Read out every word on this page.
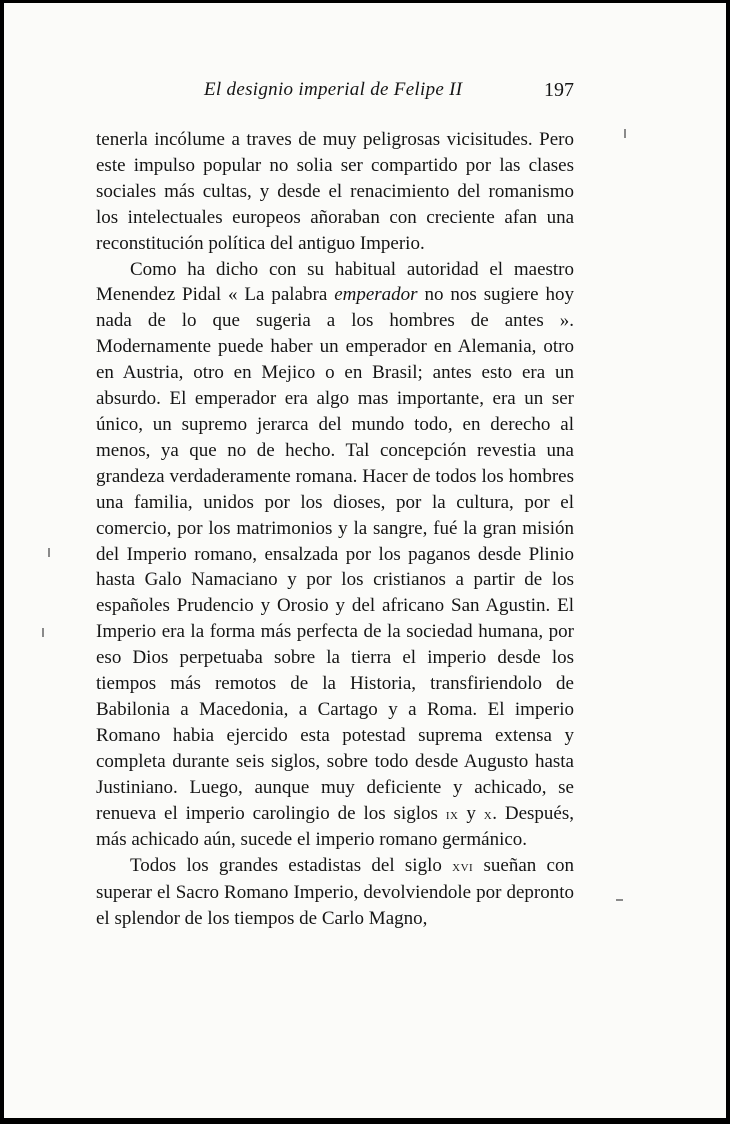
El designio imperial de Felipe II	197

tenerla incólume a traves de muy peligrosas vicisitudes. Pero este impulso popular no solia ser compartido por las clases sociales más cultas, y desde el renacimiento del romanismo los intelectuales europeos añoraban con creciente afan una reconstitución política del antiguo Imperio.

Como ha dicho con su habitual autoridad el maestro Menendez Pidal « La palabra emperador no nos sugiere hoy nada de lo que sugeria a los hombres de antes ». Modernamente puede haber un emperador en Alemania, otro en Austria, otro en Mejico o en Brasil; antes esto era un absurdo. El emperador era algo mas importante, era un ser único, un supremo jerarca del mundo todo, en derecho al menos, ya que no de hecho. Tal concepción revestia una grandeza verdaderamente romana. Hacer de todos los hombres una familia, unidos por los dioses, por la cultura, por el comercio, por los matrimonios y la sangre, fué la gran misión del Imperio romano, ensalzada por los paganos desde Plinio hasta Galo Namaciano y por los cristianos a partir de los españoles Prudencio y Orosio y del africano San Agustin. El Imperio era la forma más perfecta de la sociedad humana, por eso Dios perpetuaba sobre la tierra el imperio desde los tiempos más remotos de la Historia, transfiriendolo de Babilonia a Macedonia, a Cartago y a Roma. El imperio Romano habia ejercido esta potestad suprema extensa y completa durante seis siglos, sobre todo desde Augusto hasta Justiniano. Luego, aunque muy deficiente y achicado, se renueva el imperio carolingio de los siglos ix y x. Después, más achicado aún, sucede el imperio romano germánico.

Todos los grandes estadistas del siglo xvi sueñan con superar el Sacro Romano Imperio, devolviendole por depronto el splendor de los tiempos de Carlo Magno,
